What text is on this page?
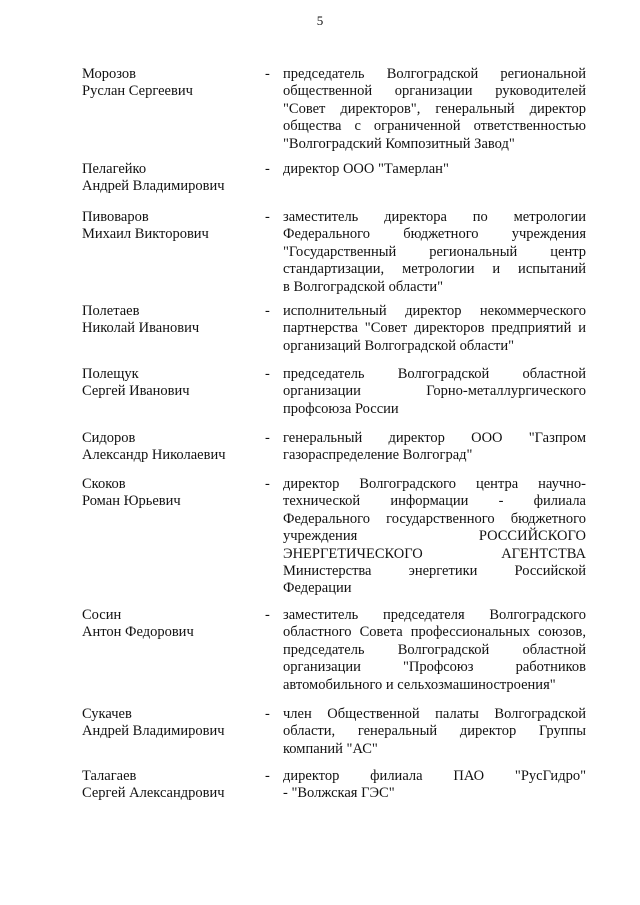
5
Морозов
Руслан Сергеевич
- председатель Волгоградской региональной
общественной организации руководителей
"Совет директоров", генеральный директор
общества с ограниченной ответственностью
"Волгоградский Композитный Завод"
Пелагейко
Андрей Владимирович
- директор ООО "Тамерлан"
Пивоваров
Михаил Викторович
- заместитель директора по метрологии
Федерального бюджетного учреждения
"Государственный региональный центр
стандартизации, метрологии и испытаний
в Волгоградской области"
Полетаев
Николай Иванович
- исполнительный директор некоммерческого
партнерства "Совет директоров предприятий и
организаций Волгоградской области"
Полещук
Сергей Иванович
- председатель Волгоградской областной
организации Горно-металлургического
профсоюза России
Сидоров
Александр Николаевич
- генеральный директор ООО "Газпром
газораспределение Волгоград"
Скоков
Роман Юрьевич
- директор Волгоградского центра научно-
технической информации - филиала
Федерального государственного бюджетного
учреждения РОССИЙСКОГО
ЭНЕРГЕТИЧЕСКОГО АГЕНТСТВА
Министерства энергетики Российской
Федерации
Сосин
Антон Федорович
- заместитель председателя Волгоградского
областного Совета профессиональных союзов,
председатель Волгоградской областной
организации "Профсоюз работников
автомобильного и сельхозмашиностроения"
Сукачев
Андрей Владимирович
- член Общественной палаты Волгоградской
области, генеральный директор Группы
компаний "АС"
Талагаев
Сергей Александрович
- директор филиала ПАО "РусГидро"
- "Волжская ГЭС"
